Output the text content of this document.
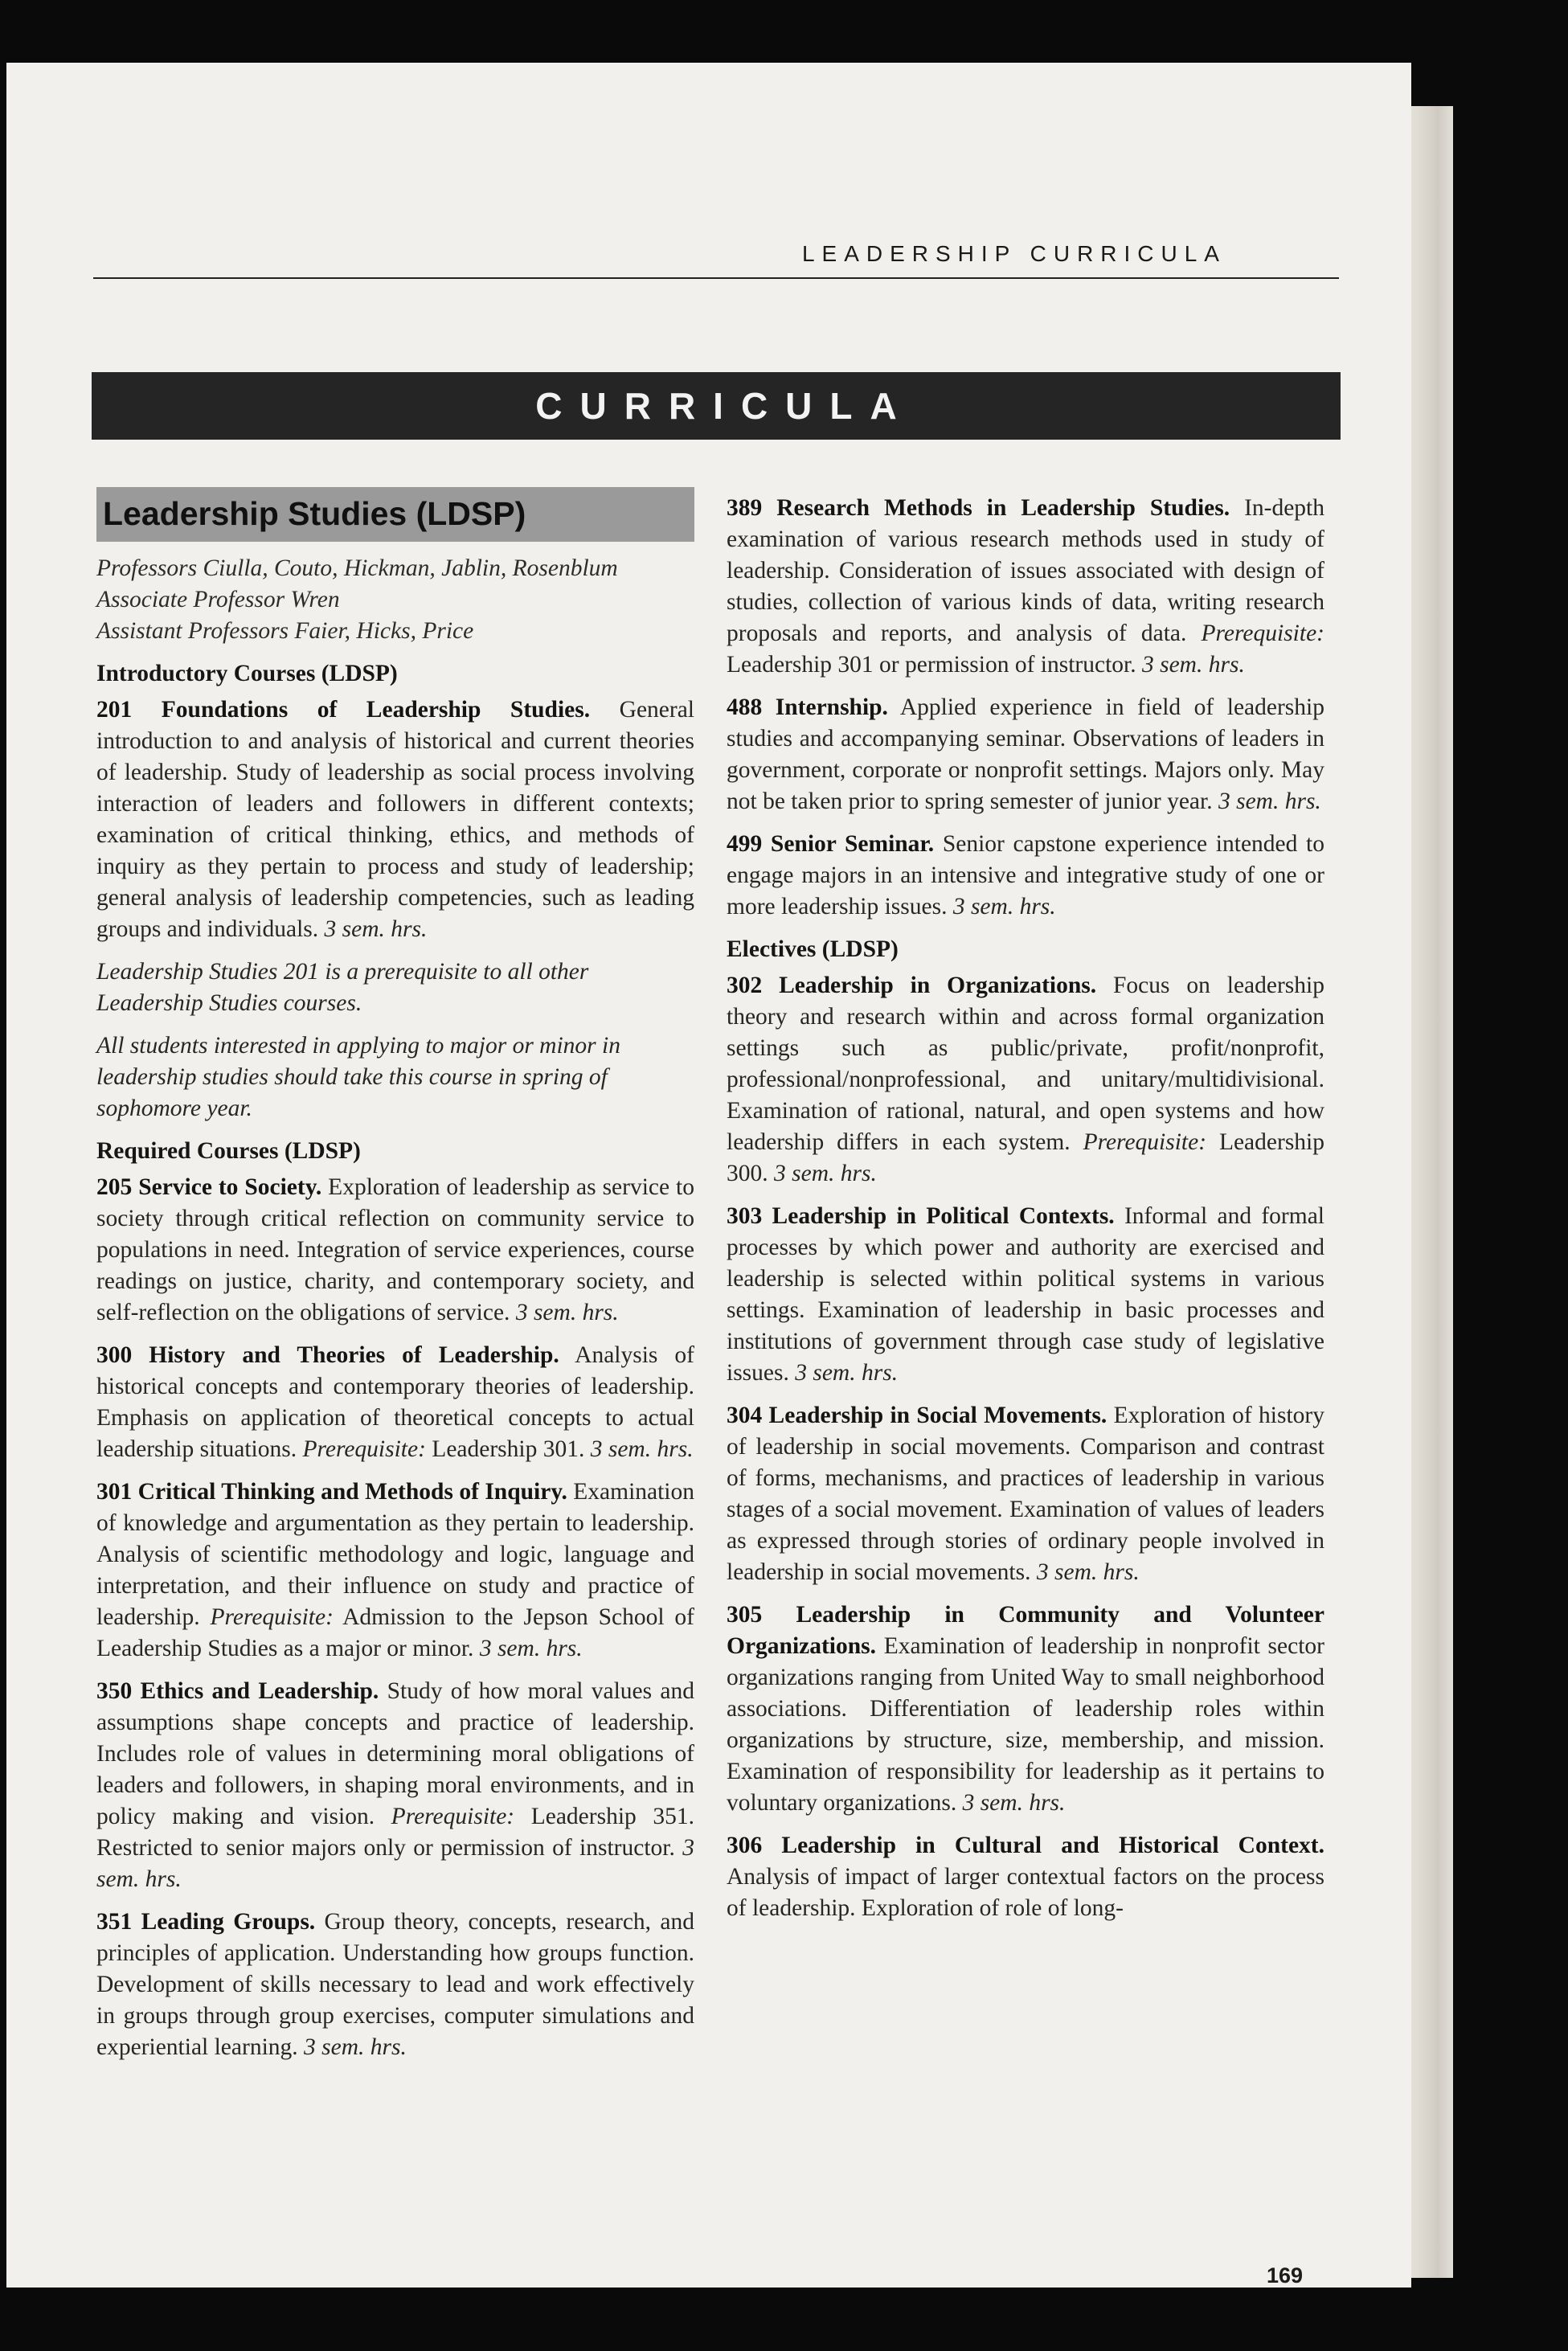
LEADERSHIP CURRICULA
CURRICULA
Leadership Studies (LDSP)

Professors Ciulla, Couto, Hickman, Jablin, Rosenblum

Associate Professor Wren

Assistant Professors Faier, Hicks, Price

Introductory Courses (LDSP)

201 Foundations of Leadership Studies. General introduction to and analysis of historical and current theories of leadership. Study of leadership as social process involving interaction of leaders and followers in different contexts; examination of critical thinking, ethics, and methods of inquiry as they pertain to process and study of leadership; general analysis of leadership competencies, such as leading groups and individuals. 3 sem. hrs.

Leadership Studies 201 is a prerequisite to all other Leadership Studies courses.

All students interested in applying to major or minor in leadership studies should take this course in spring of sophomore year.

Required Courses (LDSP)

205 Service to Society. Exploration of leadership as service to society through critical reflection on community service to populations in need. Integration of service experiences, course readings on justice, charity, and contemporary society, and self-reflection on the obligations of service. 3 sem. hrs.

300 History and Theories of Leadership. Analysis of historical concepts and contemporary theories of leadership. Emphasis on application of theoretical concepts to actual leadership situations. Prerequisite: Leadership 301. 3 sem. hrs.

301 Critical Thinking and Methods of Inquiry. Examination of knowledge and argumentation as they pertain to leadership. Analysis of scientific methodology and logic, language and interpretation, and their influence on study and practice of leadership. Prerequisite: Admission to the Jepson School of Leadership Studies as a major or minor. 3 sem. hrs.

350 Ethics and Leadership. Study of how moral values and assumptions shape concepts and practice of leadership. Includes role of values in determining moral obligations of leaders and followers, in shaping moral environments, and in policy making and vision. Prerequisite: Leadership 351. Restricted to senior majors only or permission of instructor. 3 sem. hrs.

351 Leading Groups. Group theory, concepts, research, and principles of application. Understanding how groups function. Development of skills necessary to lead and work effectively in groups through group exercises, computer simulations and experiential learning. 3 sem. hrs.

389 Research Methods in Leadership Studies. In-depth examination of various research methods used in study of leadership. Consideration of issues associated with design of studies, collection of various kinds of data, writing research proposals and reports, and analysis of data. Prerequisite: Leadership 301 or permission of instructor. 3 sem. hrs.

488 Internship. Applied experience in field of leadership studies and accompanying seminar. Observations of leaders in government, corporate or nonprofit settings. Majors only. May not be taken prior to spring semester of junior year. 3 sem. hrs.

499 Senior Seminar. Senior capstone experience intended to engage majors in an intensive and integrative study of one or more leadership issues. 3 sem. hrs.

Electives (LDSP)

302 Leadership in Organizations. Focus on leadership theory and research within and across formal organization settings such as public/private, profit/nonprofit, professional/nonprofessional, and unitary/multidivisional. Examination of rational, natural, and open systems and how leadership differs in each system. Prerequisite: Leadership 300. 3 sem. hrs.

303 Leadership in Political Contexts. Informal and formal processes by which power and authority are exercised and leadership is selected within political systems in various settings. Examination of leadership in basic processes and institutions of government through case study of legislative issues. 3 sem. hrs.

304 Leadership in Social Movements. Exploration of history of leadership in social movements. Comparison and contrast of forms, mechanisms, and practices of leadership in various stages of a social movement. Examination of values of leaders as expressed through stories of ordinary people involved in leadership in social movements. 3 sem. hrs.

305 Leadership in Community and Volunteer Organizations. Examination of leadership in nonprofit sector organizations ranging from United Way to small neighborhood associations. Differentiation of leadership roles within organizations by structure, size, membership, and mission. Examination of responsibility for leadership as it pertains to voluntary organizations. 3 sem. hrs.

306 Leadership in Cultural and Historical Context. Analysis of impact of larger contextual factors on the process of leadership. Exploration of role of long-

169
